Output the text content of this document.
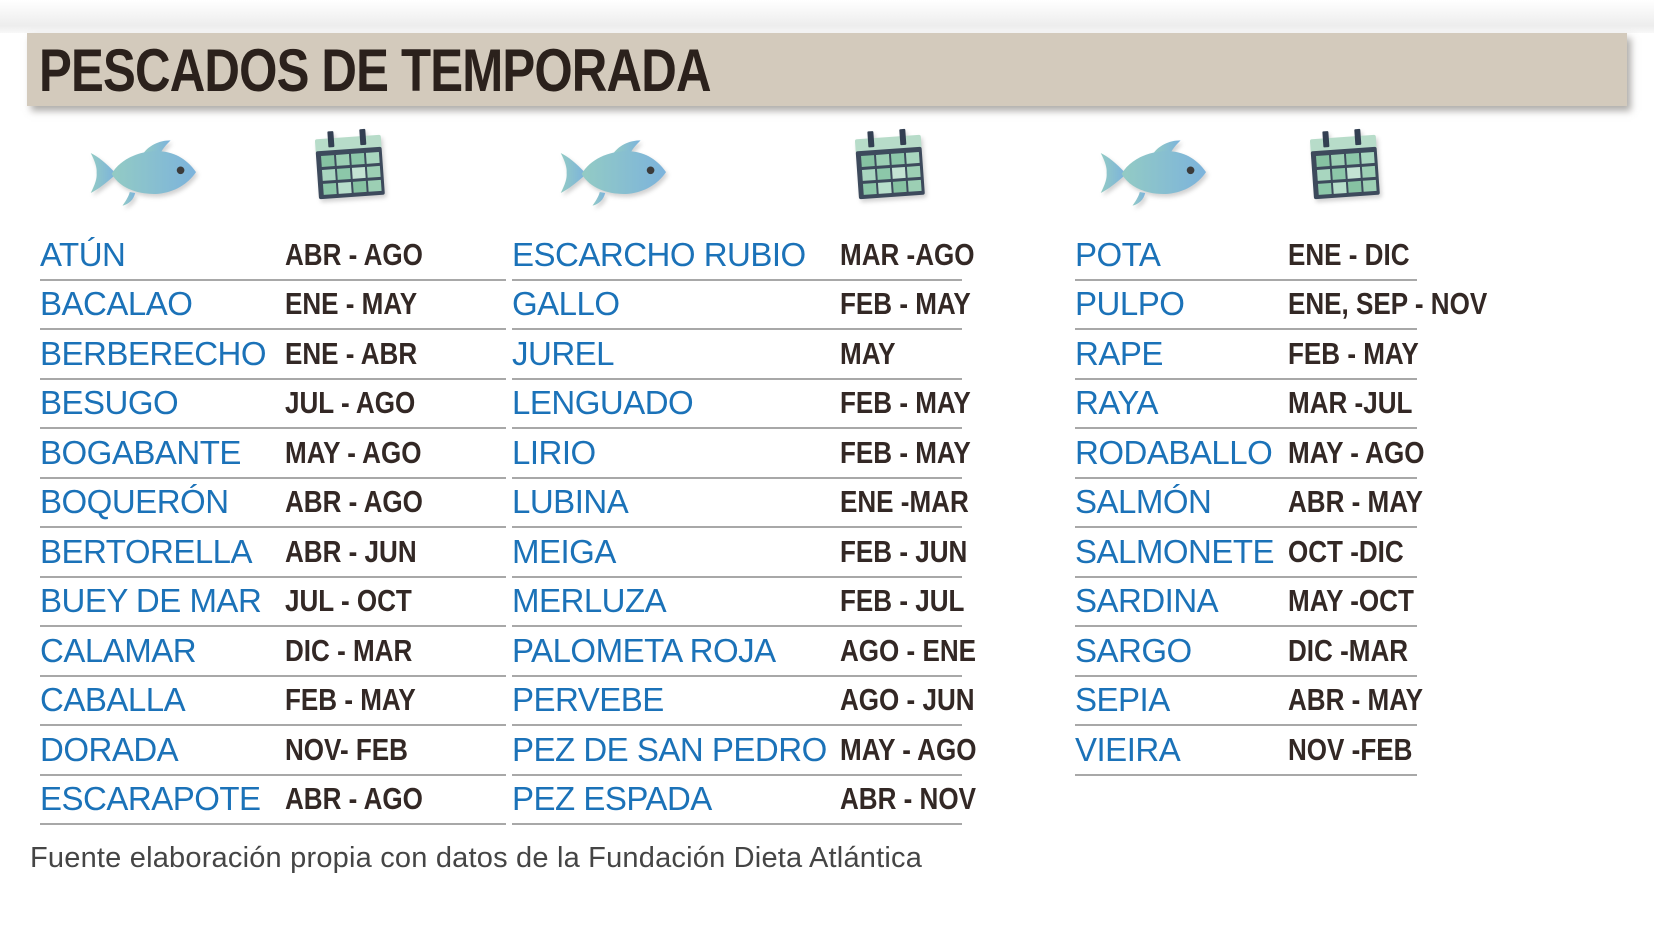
PESCADOS DE TEMPORADA
ATÚN	ABR - AGO
BACALAO	ENE - MAY
BERBERECHO ENE - ABR
BESUGO	JUL - AGO
BOGABANTE	MAY - AGO
BOQUERÓN	ABR - AGO
BERTORELLA	ABR - JUN
BUEY DE MAR JUL - OCT
CALAMAR	DIC - MAR
CABALLA	FEB - MAY
DORADA	NOV- FEB
ESCARAPOTE ABR - AGO
ESCARCHO RUBIO	MAR -AGO
GALLO	FEB - MAY
JUREL	MAY
LENGUADO	FEB - MAY
LIRIO	FEB - MAY
LUBINA	ENE -MAR
MEIGA	FEB - JUN
MERLUZA	FEB - JUL
PALOMETA ROJA	AGO - ENE
PERVEBE	AGO - JUN
PEZ DE SAN PEDRO MAY - AGO
PEZ ESPADA	ABR - NOV
POTA	ENE - DIC
PULPO	ENE, SEP - NOV
RAPE	FEB - MAY
RAYA	MAR -JUL
RODABALLO MAY - AGO
SALMÓN	ABR - MAY
SALMONETE OCT -DIC
SARDINA	MAY -OCT
SARGO	DIC -MAR
SEPIA	ABR - MAY
VIEIRA	NOV -FEB
Fuente elaboración propia con datos de la Fundación Dieta Atlántica
